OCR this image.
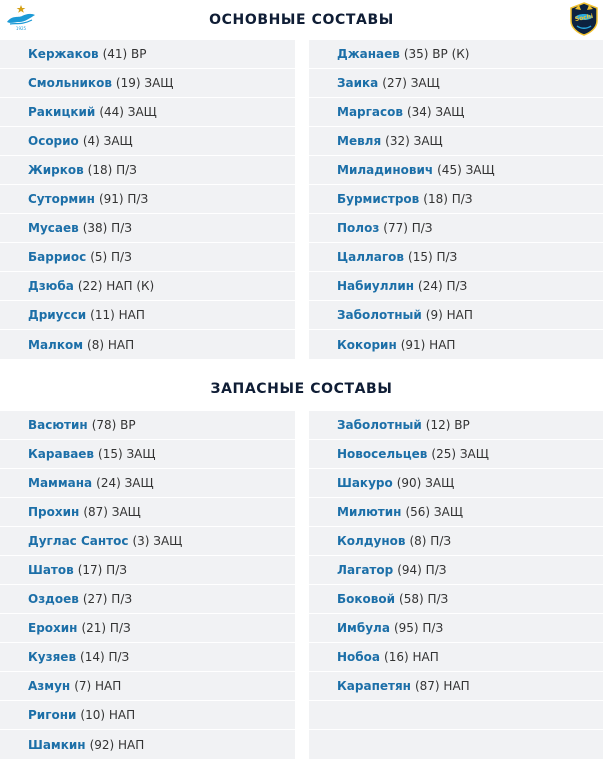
1925
ОСНОВНЫЕ СОСТАВЫ	Sochi
Кержаков (41) ВР
Смольников (19) ЗАЩ
Ракицкий (44) ЗАЩ
Осорио (4) ЗАЩ
Жирков (18) П/З
Сутормин (91) П/З
Мусаев (38) П/З
Барриос (5) П/З
Дзюба (22) НАП (К)
Дриусси (11) НАП
Малком (8) НАП
Джанаев (35) ВР (К)
Заика (27) ЗАЩ
Маргасов (34) ЗАЩ
Мевля (32) ЗАЩ
Миладинович (45) ЗАЩ
Бурмистров (18) П/З
Полоз (77) П/З
Цаллагов (15) П/З
Набиуллин (24) П/З
Заболотный (9) НАП
Кокорин (91) НАП
ЗАПАСНЫЕ СОСТАВЫ
Васютин (78) ВР
Караваев (15) ЗАЩ
Маммана (24) ЗАЩ
Прохин (87) ЗАЩ
Дуглас Сантос (3) ЗАЩ
Шатов (17) П/З
Оздоев (27) П/З
Ерохин (21) П/З
Кузяев (14) П/З
Азмун (7) НАП
Ригони (10) НАП
Шамкин (92) НАП
Заболотный (12) ВР
Новосельцев (25) ЗАЩ
Шакуро (90) ЗАЩ
Милютин (56) ЗАЩ
Колдунов (8) П/З
Лагатор (94) П/З
Боковой (58) П/З
Имбула (95) П/З
Нобоа (16) НАП
Карапетян (87) НАП
